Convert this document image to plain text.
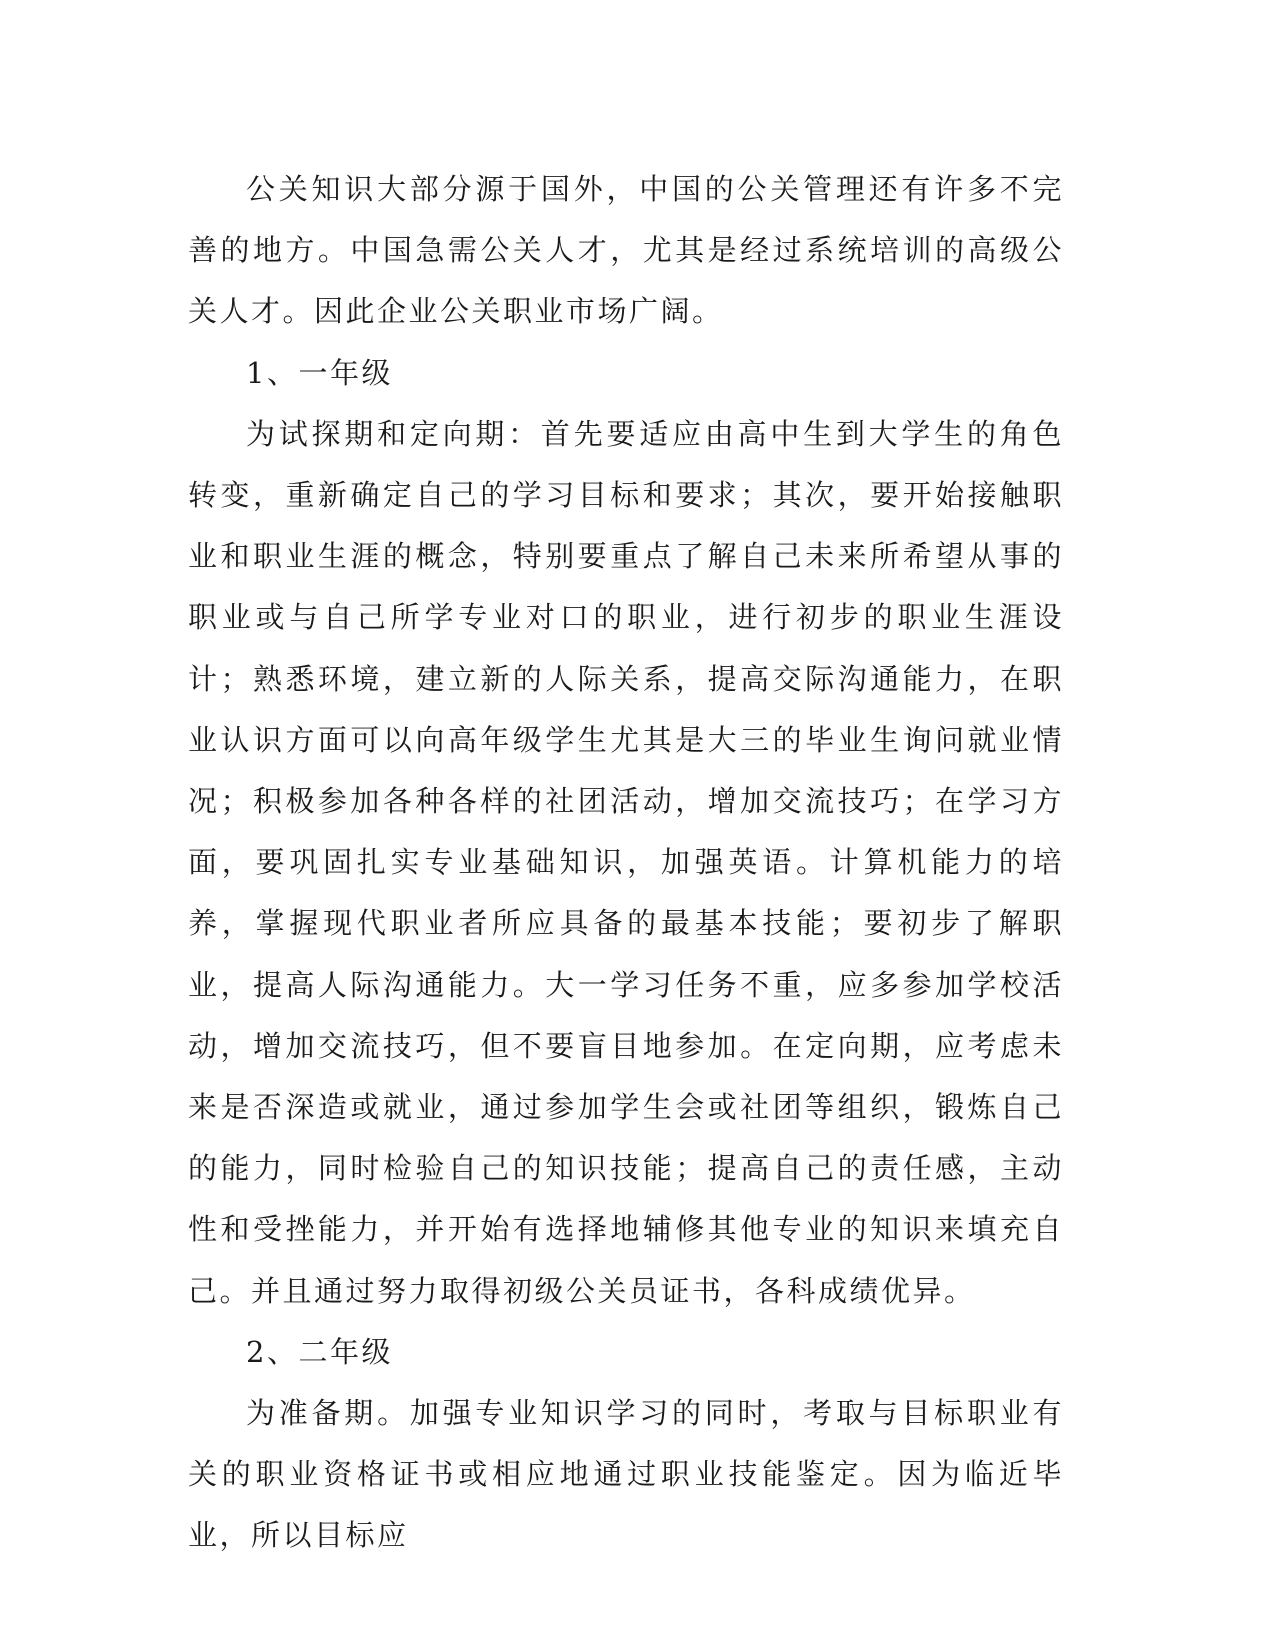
公关知识大部分源于国外，中国的公关管理还有许多不完善的地方。中国急需公关人才，尤其是经过系统培训的高级公关人才。因此企业公关职业市场广阔。

1、一年级

为试探期和定向期：首先要适应由高中生到大学生的角色转变，重新确定自己的学习目标和要求；其次，要开始接触职业和职业生涯的概念，特别要重点了解自己未来所希望从事的职业或与自己所学专业对口的职业，进行初步的职业生涯设计；熟悉环境，建立新的人际关系，提高交际沟通能力，在职业认识方面可以向高年级学生尤其是大三的毕业生询问就业情况；积极参加各种各样的社团活动，增加交流技巧；在学习方面，要巩固扎实专业基础知识，加强英语。计算机能力的培养，掌握现代职业者所应具备的最基本技能；要初步了解职业，提高人际沟通能力。大一学习任务不重，应多参加学校活动，增加交流技巧，但不要盲目地参加。在定向期，应考虑未来是否深造或就业，通过参加学生会或社团等组织，锻炼自己的能力，同时检验自己的知识技能；提高自己的责任感，主动性和受挫能力，并开始有选择地辅修其他专业的知识来填充自己。并且通过努力取得初级公关员证书，各科成绩优异。

2、二年级

为准备期。加强专业知识学习的同时，考取与目标职业有关的职业资格证书或相应地通过职业技能鉴定。因为临近毕业，所以目标应
